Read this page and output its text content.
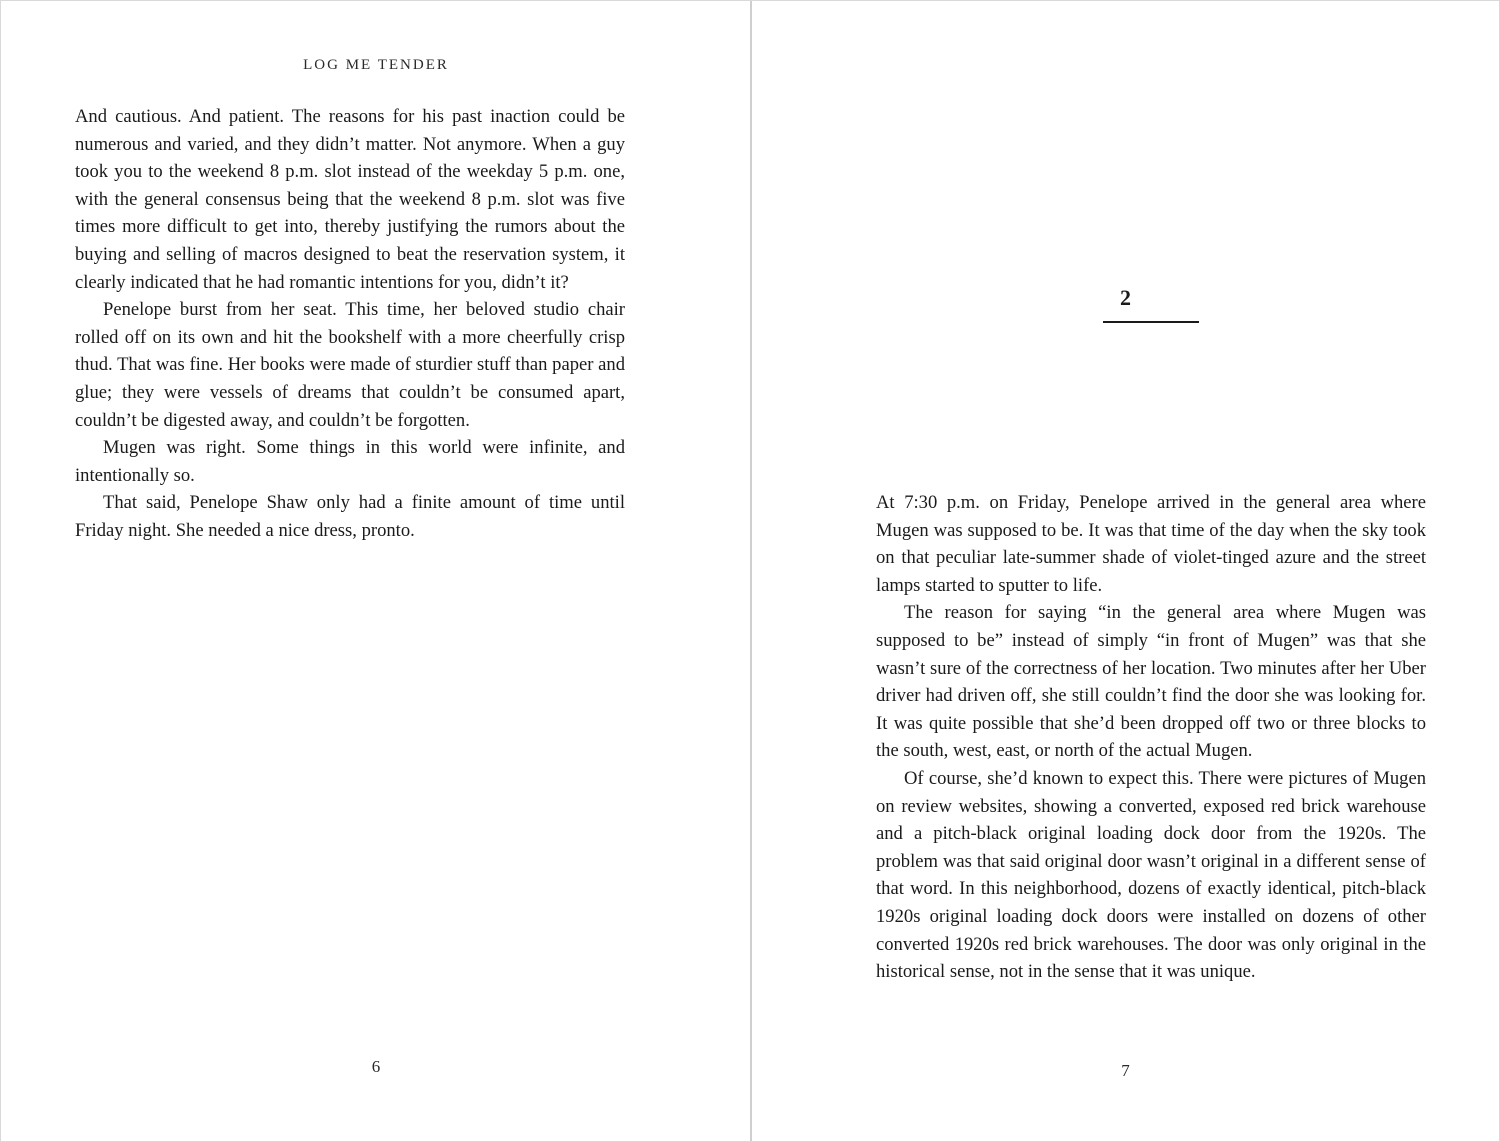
LOG ME TENDER

And cautious. And patient. The reasons for his past inaction could be numerous and varied, and they didn’t matter. Not anymore. When a guy took you to the weekend 8 p.m. slot instead of the weekday 5 p.m. one, with the general consensus being that the weekend 8 p.m. slot was five times more difficult to get into, thereby justifying the rumors about the buying and selling of macros designed to beat the reservation system, it clearly indicated that he had romantic intentions for you, didn’t it?

Penelope burst from her seat. This time, her beloved studio chair rolled off on its own and hit the bookshelf with a more cheerfully crisp thud. That was fine. Her books were made of sturdier stuff than paper and glue; they were vessels of dreams that couldn’t be consumed apart, couldn’t be digested away, and couldn’t be forgotten.

Mugen was right. Some things in this world were infinite, and intentionally so.

That said, Penelope Shaw only had a finite amount of time until Friday night. She needed a nice dress, pronto.

6
2

At 7:30 p.m. on Friday, Penelope arrived in the general area where Mugen was supposed to be. It was that time of the day when the sky took on that peculiar late-summer shade of violet-tinged azure and the street lamps started to sputter to life.

The reason for saying “in the general area where Mugen was supposed to be” instead of simply “in front of Mugen” was that she wasn’t sure of the correctness of her location. Two minutes after her Uber driver had driven off, she still couldn’t find the door she was looking for. It was quite possible that she’d been dropped off two or three blocks to the south, west, east, or north of the actual Mugen.

Of course, she’d known to expect this. There were pictures of Mugen on review websites, showing a converted, exposed red brick warehouse and a pitch-black original loading dock door from the 1920s. The problem was that said original door wasn’t original in a different sense of that word. In this neighborhood, dozens of exactly identical, pitch-black 1920s original loading dock doors were installed on dozens of other converted 1920s red brick warehouses. The door was only original in the historical sense, not in the sense that it was unique.

7
